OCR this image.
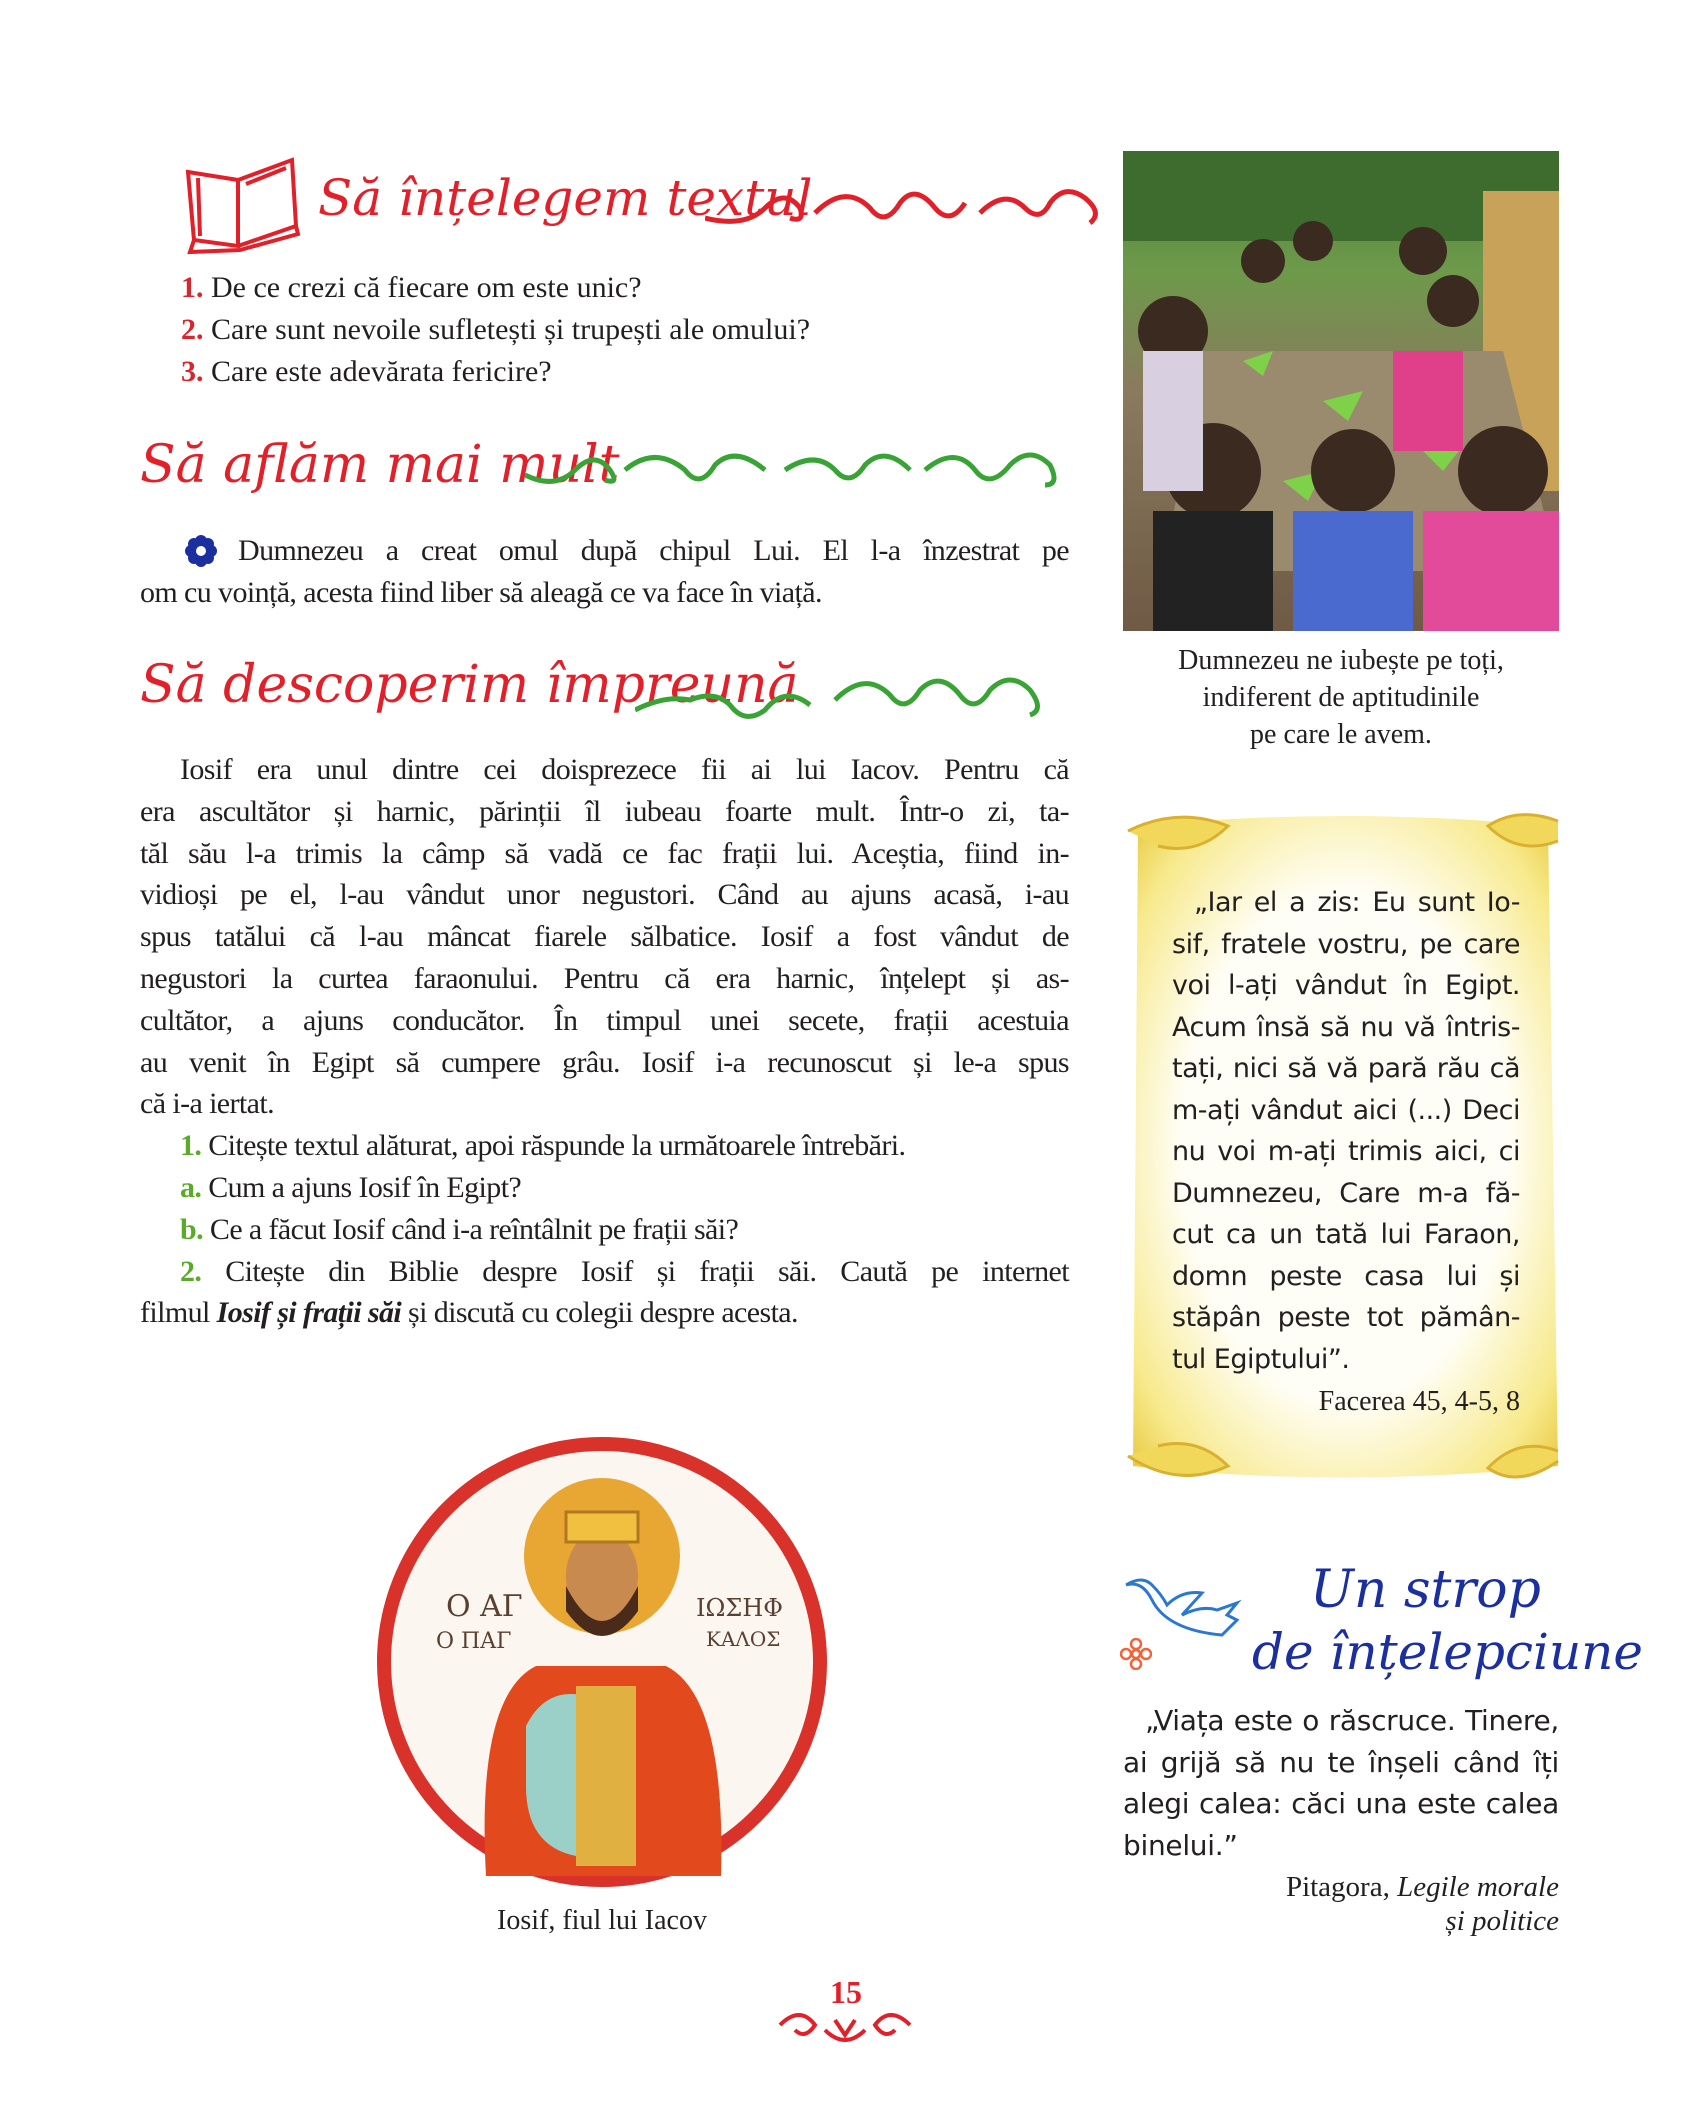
Să înțelegem textul
1. De ce crezi că fiecare om este unic?
2. Care sunt nevoile sufletești și trupești ale omului?
3. Care este adevărata fericire?
Să aflăm mai mult
Dumnezeu a creat omul după chipul Lui. El l-a înzestrat pe
om cu voință, acesta fiind liber să aleagă ce va face în viață.
Să descoperim împreună
Iosif era unul dintre cei doisprezece fii ai lui Iacov. Pentru că
era ascultător și harnic, părinții îl iubeau foarte mult. Într-o zi, ta-
tăl său l-a trimis la câmp să vadă ce fac frații lui. Aceștia, fiind in-
vidioși pe el, l-au vândut unor negustori. Când au ajuns acasă, i-au
spus tatălui că l-au mâncat fiarele sălbatice. Iosif a fost vândut de
negustori la curtea faraonului. Pentru că era harnic, înțelept și as-
cultător, a ajuns conducător. În timpul unei secete, frații acestuia
au venit în Egipt să cumpere grâu. Iosif i-a recunoscut și le-a spus
că i-a iertat.
1. Citește textul alăturat, apoi răspunde la următoarele întrebări.
a. Cum a ajuns Iosif în Egipt?
b. Ce a făcut Iosif când i-a reîntâlnit pe frații săi?
2. Citește din Biblie despre Iosif și frații săi. Caută pe internet
filmul Iosif și frații săi și discută cu colegii despre acesta.
Dumnezeu ne iubește pe toți,
indiferent de aptitudinile
pe care le avem.
„Iar el a zis: Eu sunt Io-
sif, fratele vostru, pe care
voi l-ați vândut în Egipt.
Acum însă să nu vă întris-
tați, nici să vă pară rău că
m-ați vândut aici (...) Deci
nu voi m-ați trimis aici, ci
Dumnezeu, Care m-a fă-
cut ca un tată lui Faraon,
domn peste casa lui și
stăpân peste tot pămân-
tul Egiptului”.
Facerea 45, 4-5, 8
Ο ΑΓ
Ο ΠΑΓ
ΙΩΣΗΦ
ΚΑΛΟΣ
Iosif, fiul lui Iacov
Un strop
de înțelepciune
„Viața este o răscruce. Tinere,
ai grijă să nu te înșeli când îți
alegi calea: căci una este calea
binelui.”
Pitagora, Legile morale
și politice
15
